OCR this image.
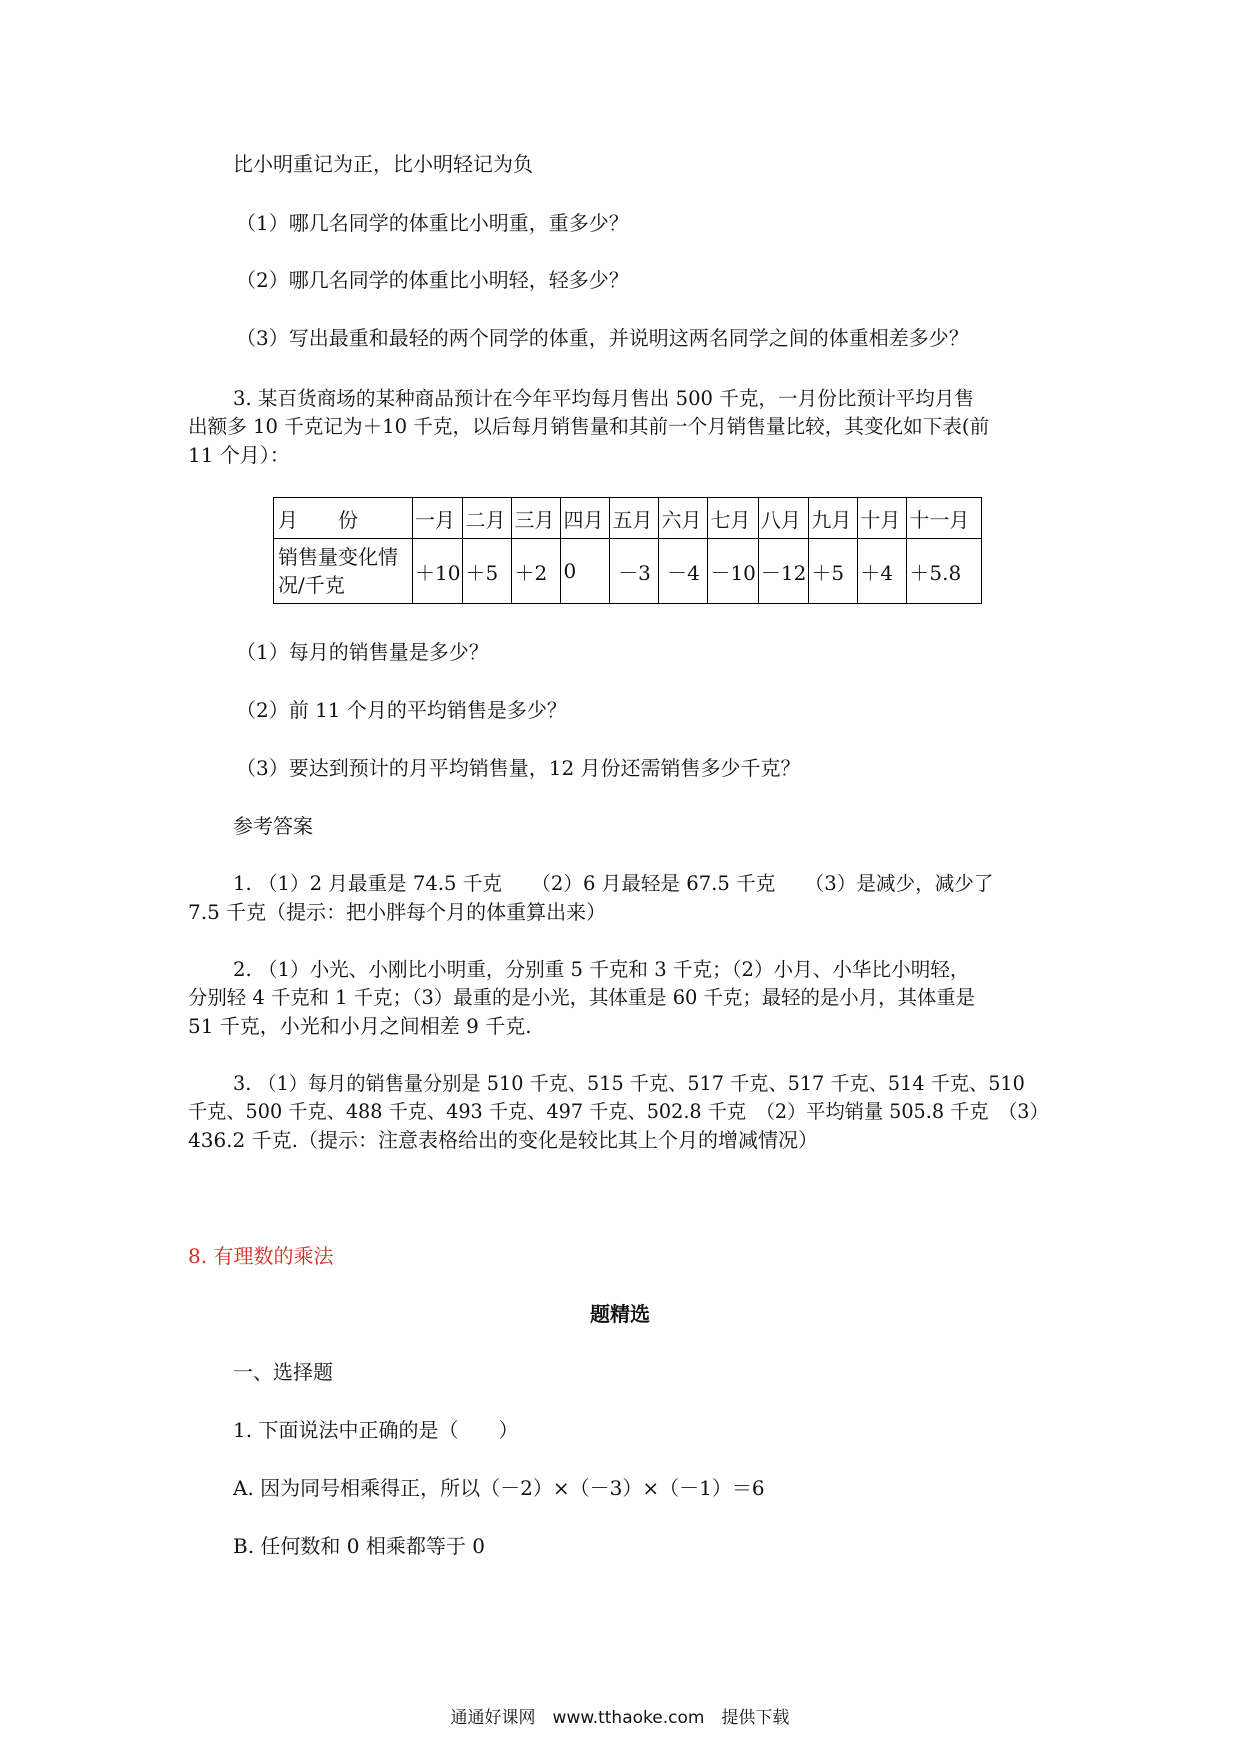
比小明重记为正，比小明轻记为负
（1）哪几名同学的体重比小明重，重多少？
（2）哪几名同学的体重比小明轻，轻多少？
（3）写出最重和最轻的两个同学的体重，并说明这两名同学之间的体重相差多少？
3. 某百货商场的某种商品预计在今年平均每月售出 500 千克，一月份比预计平均月售
出额多 10 千克记为＋10 千克，以后每月销售量和其前一个月销售量比较，其变化如下表(前
11 个月）：
月　　份	一月	二月	三月	四月	五月	六月	七月	八月	九月	十月	十一月
销售量变化情况/千克	＋10	＋5	＋2	0	－3	－4	－10	－12	＋5	＋4	＋5.8
（1）每月的销售量是多少？
（2）前 11 个月的平均销售是多少？
（3）要达到预计的月平均销售量，12 月份还需销售多少千克？
参考答案
1. （1）2 月最重是 74.5 千克　　（2）6 月最轻是 67.5 千克　　（3）是减少，减少了
7.5 千克（提示：把小胖每个月的体重算出来）
2. （1）小光、小刚比小明重，分别重 5 千克和 3 千克；（2）小月、小华比小明轻，
分别轻 4 千克和 1 千克；（3）最重的是小光，其体重是 60 千克；最轻的是小月，其体重是
51 千克，小光和小月之间相差 9 千克.
3. （1）每月的销售量分别是 510 千克、515 千克、517 千克、517 千克、514 千克、510
千克、500 千克、488 千克、493 千克、497 千克、502.8 千克　（2）平均销量 505.8 千克　（3）
436.2 千克.（提示：注意表格给出的变化是较比其上个月的增减情况）
8. 有理数的乘法
题精选
一、选择题
1. 下面说法中正确的是（　　）
A. 因为同号相乘得正，所以（－2）×（－3）×（－1）＝6
B. 任何数和 0 相乘都等于 0
通通好课网　www.tthaoke.com　提供下载
